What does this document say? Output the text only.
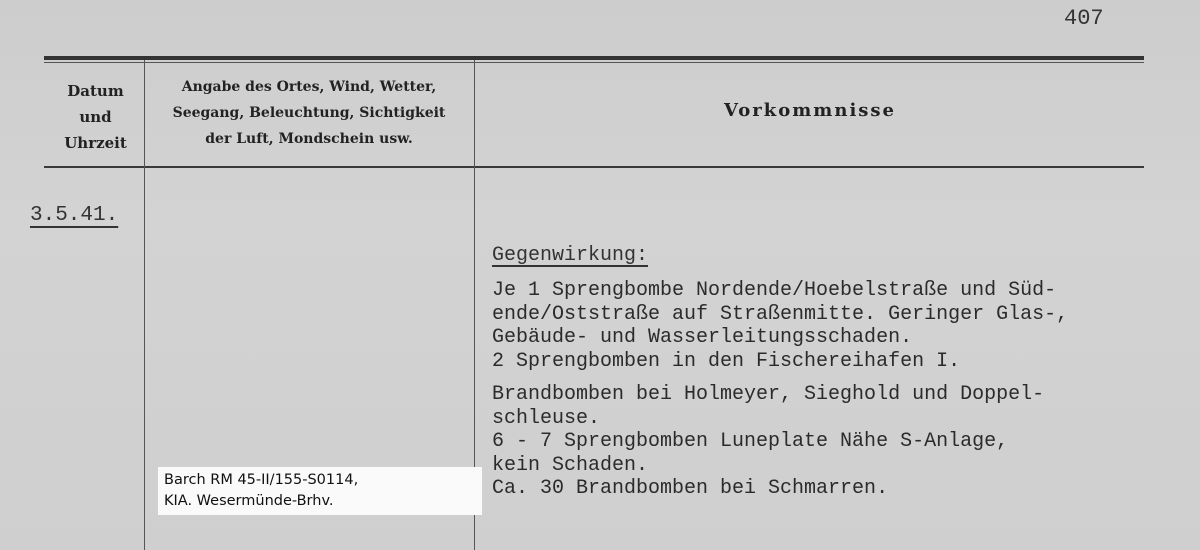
407
Datum
und
Uhrzeit
Angabe des Ortes, Wind, Wetter,
Seegang, Beleuchtung, Sichtigkeit
der Luft, Mondschein usw.
Vorkommnisse
3.5.41.
Gegenwirkung:
Je 1 Sprengbombe Nordende/Hoebelstraße und Süd-
ende/Oststraße auf Straßenmitte. Geringer Glas-,
Gebäude- und Wasserleitungsschaden.
2 Sprengbomben in den Fischereihafen I.
Brandbomben bei Holmeyer, Sieghold und Doppel-
schleuse.
6 - 7 Sprengbomben Luneplate Nähe S-Anlage,
kein Schaden.
Ca. 30 Brandbomben bei Schmarren.
Barch RM 45-II/155-S0114,
KIA. Wesermünde-Brhv.
